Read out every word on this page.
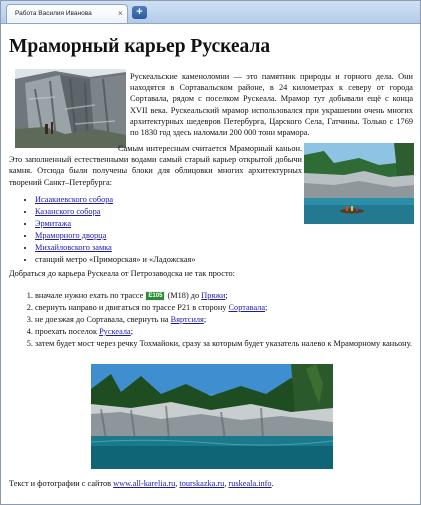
Работа Василия Иванова	×	+
Мраморный карьер Рускеала

Рускеальские каменоломни — это памятник природы и горного дела. Они находятся в Сортавальском районе, в 24 километрах к северу от города Сортавала, рядом с поселком Рускеала. Мрамор тут добывали ещё с конца XVII века. Рускеальский мрамор использовался при украшении очень многих архитектурных шедевров Петербурга, Царского Села, Гатчины. Только с 1769 по 1830 год здесь наломали 200 000 тонн мрамора.

Самым интересным считается Мраморный каньон. Это заполненный естественными водами самый старый карьер открытой добычи камня. Отсюда были получены блоки для облицовки многих архитектурных творений Санкт–Петербурга:

• Исаакиевского собора
• Казанского собора
• Эрмитажа
• Мраморного дворца
• Михайловского замка
• станций метро «Приморская» и «Ладожская»

Добраться до карьера Рускеала от Петрозаводска не так просто:

1. вначале нужно ехать по трассе E105 (М18) до Пряжи;
2. свернуть направо и двигаться по трассе Р21 в сторону Сортавала;
3. не доезжая до Сортавала, свернуть на Вяртсиля;
4. проехать поселок Рускеала;
5. затем будет мост через речку Тохмайоки, сразу за которым будет указатель налево к Мраморному каньону.

Текст и фотографии с сайтов www.all-karelia.ru, tourskazka.ru, ruskeala.info.
